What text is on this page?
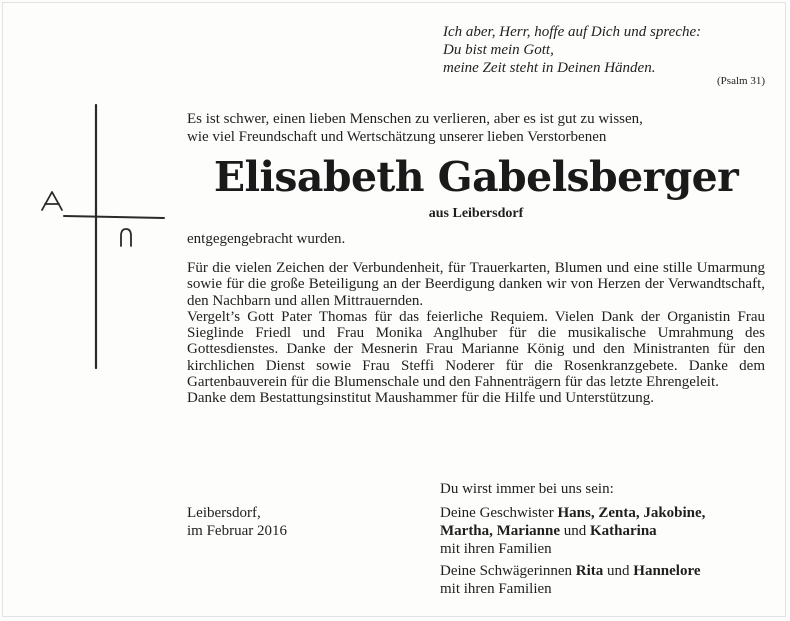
Ich aber, Herr, hoffe auf Dich und spreche:
Du bist mein Gott,
meine Zeit steht in Deinen Händen.
(Psalm 31)
Es ist schwer, einen lieben Menschen zu verlieren, aber es ist gut zu wissen,
wie viel Freundschaft und Wertschätzung unserer lieben Verstorbenen
Elisabeth Gabelsberger
aus Leibersdorf
entgegengebracht wurden.

Für die vielen Zeichen der Verbundenheit, für Trauerkarten, Blumen und eine stille Umarmung sowie für die große Beteiligung an der Beerdigung danken wir von Herzen der Verwandtschaft, den Nachbarn und allen Mittrauernden.

Vergelt’s Gott Pater Thomas für das feierliche Requiem. Vielen Dank der Organistin Frau Sieglinde Friedl und Frau Monika Anglhuber für die musikalische Umrahmung des Gottesdienstes. Danke der Mesnerin Frau Marianne König und den Ministranten für den kirchlichen Dienst sowie Frau Steffi Noderer für die Rosenkranzgebete. Danke dem Gartenbauverein für die Blumenschale und den Fahnenträgern für das letzte Ehrengeleit.

Danke dem Bestattungsinstitut Maushammer für die Hilfe und Unterstützung.

Leibersdorf,
im Februar 2016
Du wirst immer bei uns sein:
Deine Geschwister Hans, Zenta, Jakobine,
Martha, Marianne und Katharina
mit ihren Familien
Deine Schwägerinnen Rita und Hannelore
mit ihren Familien
